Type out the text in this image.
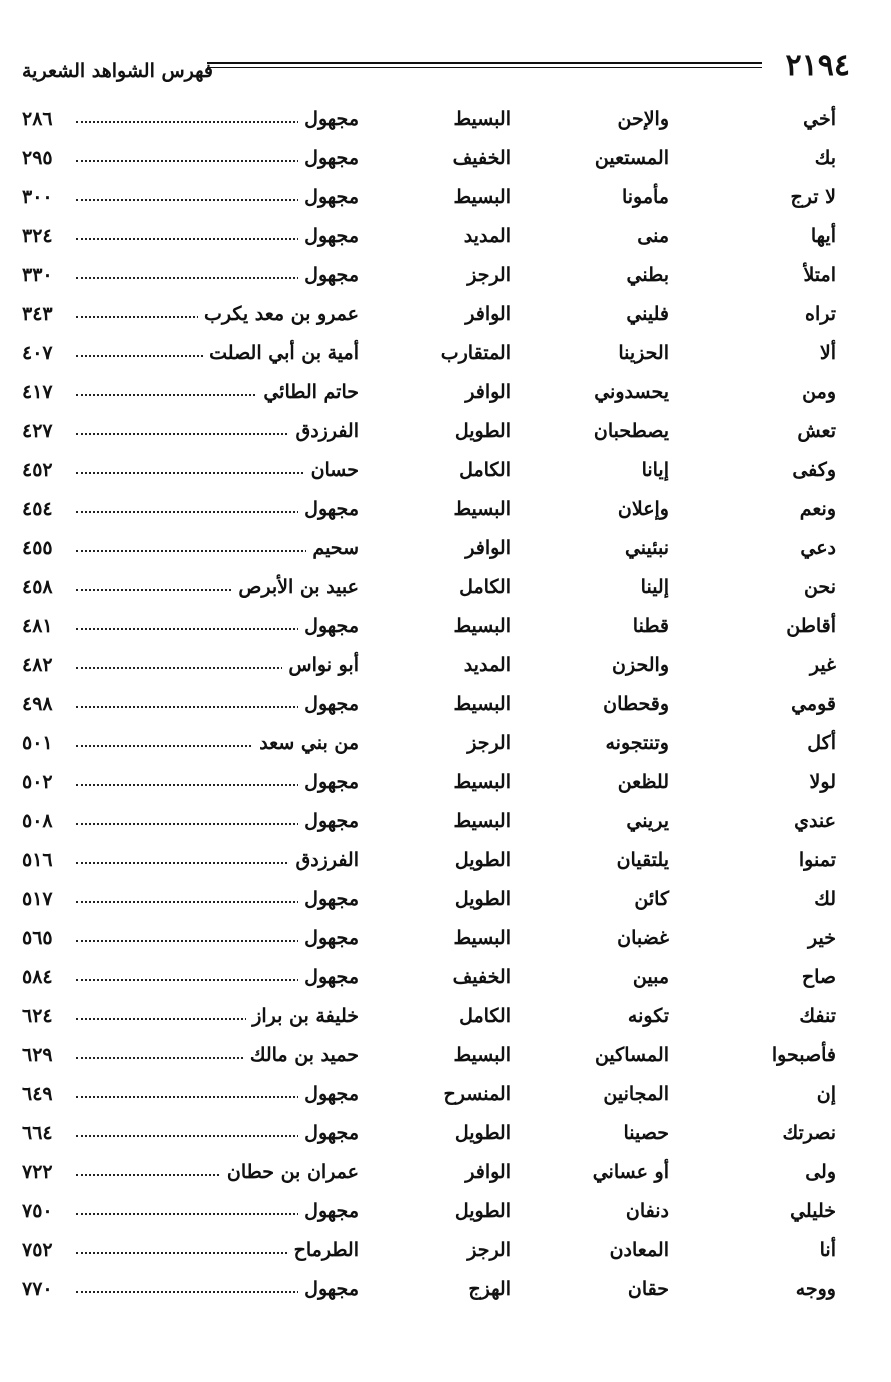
فهرس الشواهد الشعرية	٢١٩٤
أخي
والإحن
البسيط
مجهول
٢٨٦
بك
المستعين
الخفيف
مجهول
٢٩٥
لا ترج
مأمونا
البسيط
مجهول
٣٠٠
أيها
منى
المديد
مجهول
٣٢٤
امتلأ
بطني
الرجز
مجهول
٣٣٠
تراه
فليني
الوافر
عمرو بن معد يكرب
٣٤٣
ألا
الحزينا
المتقارب
أمية بن أبي الصلت
٤٠٧
ومن
يحسدوني
الوافر
حاتم الطائي
٤١٧
تعش
يصطحبان
الطويل
الفرزدق
٤٢٧
وكفى
إيانا
الكامل
حسان
٤٥٢
ونعم
وإعلان
البسيط
مجهول
٤٥٤
دعي
نبئيني
الوافر
سحيم
٤٥٥
نحن
إلينا
الكامل
عبيد بن الأبرص
٤٥٨
أقاطن
قطنا
البسيط
مجهول
٤٨١
غير
والحزن
المديد
أبو نواس
٤٨٢
قومي
وقحطان
البسيط
مجهول
٤٩٨
أكل
وتنتجونه
الرجز
من بني سعد
٥٠١
لولا
للظعن
البسيط
مجهول
٥٠٢
عندي
يريني
البسيط
مجهول
٥٠٨
تمنوا
يلتقيان
الطويل
الفرزدق
٥١٦
لك
كائن
الطويل
مجهول
٥١٧
خير
غضبان
البسيط
مجهول
٥٦٥
صاح
مبين
الخفيف
مجهول
٥٨٤
تنفك
تكونه
الكامل
خليفة بن براز
٦٢٤
فأصبحوا
المساكين
البسيط
حميد بن مالك
٦٢٩
إن
المجانين
المنسرح
مجهول
٦٤٩
نصرتك
حصينا
الطويل
مجهول
٦٦٤
ولى
أو عساني
الوافر
عمران بن حطان
٧٢٢
خليلي
دنفان
الطويل
مجهول
٧٥٠
أنا
المعادن
الرجز
الطرماح
٧٥٢
ووجه
حقان
الهزج
مجهول
٧٧٠
